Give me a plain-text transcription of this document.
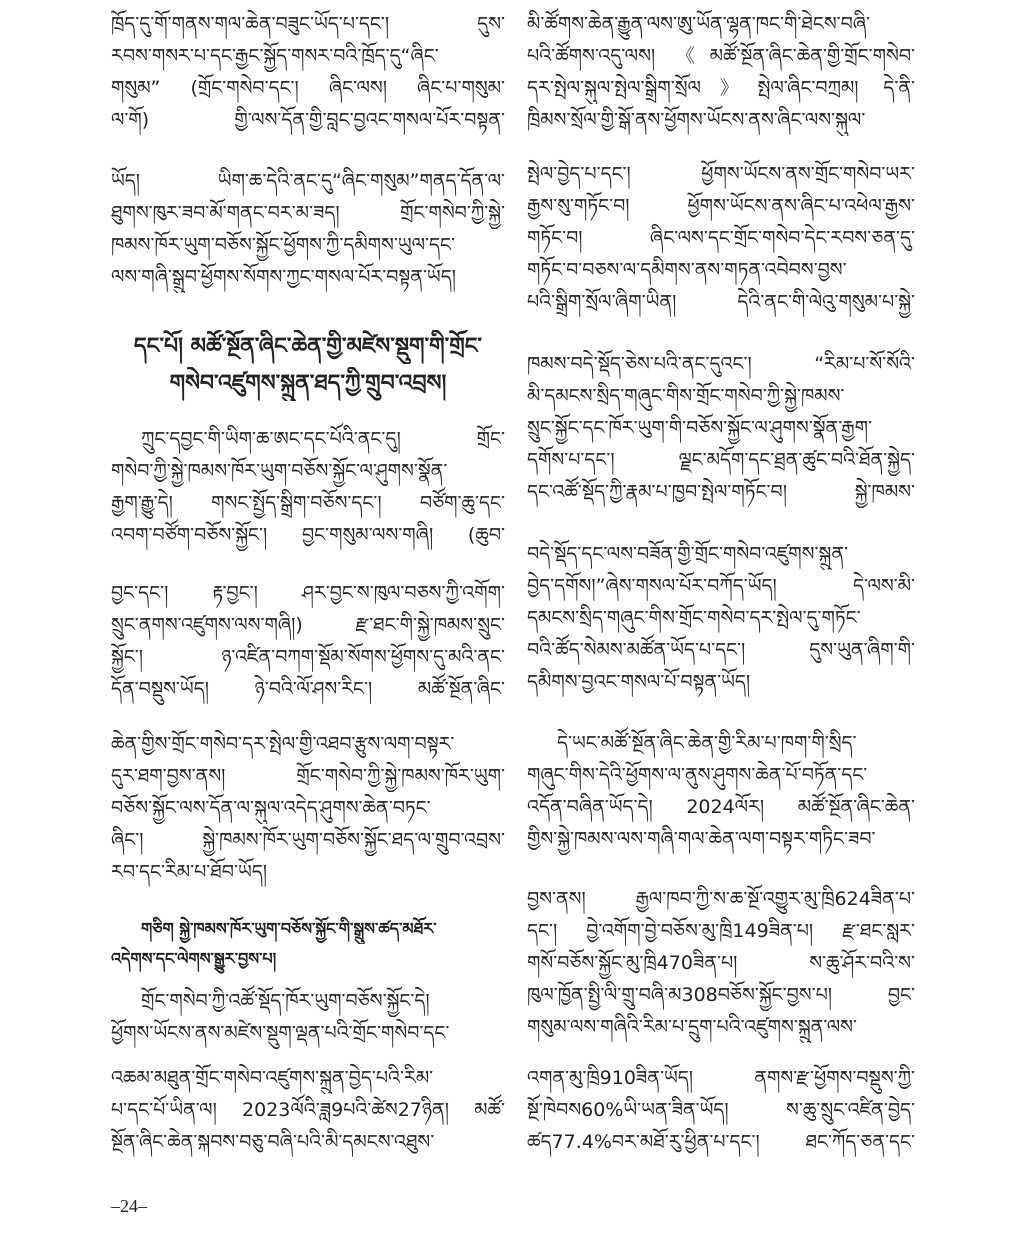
ཁྲོད་དུ་གོ་གནས་གལ་ཆེན་བཟུང་ཡོད་པ་དང་། དུས་
རབས་གསར་པ་དང་རྒྱང་སྐྱོད་གསར་བའི་ཁྲོད་དུ“ཞིང་
གསུམ” (གྲོང་གསེབ་དང་། ཞིང་ལས། ཞིང་པ་གསུམ་
ལ་གོ) གྱི་ལས་དོན་གྱི་བླང་བྱའང་གསལ་པོར་བསྟན་
ཡོད། ཡིག་ཆ་དེའི་ནང་དུ“ཞིང་གསུམ”གནད་དོན་ལ་
ཐུགས་ཁུར་ཟབ་མོ་གནང་བར་མ་ཟད། གྲོང་གསེབ་ཀྱི་སྐྱེ་
ཁམས་ཁོར་ཡུག་བཅོས་སྐྱོང་ཕྱོགས་ཀྱི་དམིགས་ཡུལ་དང་
ལས་གཞི་སྒྲུབ་ཕྱོགས་སོགས་ཀྱང་གསལ་པོར་བསྟན་ཡོད།
དང་པོ། མཚོ་སྔོན་ཞིང་ཆེན་གྱི་མཛེས་སྡུག་གི་གྲོང་
གསེབ་འཛུགས་སྐྲུན་ཐད་ཀྱི་གྲུབ་འབྲས།
ཀྲུང་དབྱང་གི་ཡིག་ཆ་ཨང་དང་པོའི་ནང་དུ། གྲོང་
གསེབ་ཀྱི་སྐྱེ་ཁམས་ཁོར་ཡུག་བཅོས་སྐྱོང་ལ་ཤུགས་སྣོན་
རྒྱག་རྒྱུ་དེ། གསང་སྤྱོད་སྒྲིག་བཅོས་དང་། བཙོག་ཆུ་དང་
འབག་བཙོག་བཅོས་སྐྱོང་། བྱང་གསུམ་ལས་གཞི། (ཆུབ་
བྱང་དང་། རྟ་བྱང་། ཤར་བྱང་ས་ཁུལ་བཅས་ཀྱི་འགོག་
སྲུང་ནགས་འཛུགས་ལས་གཞི།) རྫ་ཐང་གི་སྐྱེ་ཁམས་སྲུང་
སྐྱོང་། ཉ་འཛིན་བཀག་སྡོམ་སོགས་ཕྱོགས་དུ་མའི་ནང་
དོན་བསྡུས་ཡོད། ཉེ་བའི་ལོ་ཤས་རིང་། མཚོ་སྔོན་ཞིང་
ཆེན་གྱིས་གྲོང་གསེབ་དར་སྤེལ་གྱི་འཐབ་རྩུས་ལག་བསྟར་
དུར་ཐག་བྱས་ནས། གྲོང་གསེབ་ཀྱི་སྐྱེ་ཁམས་ཁོར་ཡུག་
བཅོས་སྐྱོང་ལས་དོན་ལ་སྐུལ་འདེད་ཤུགས་ཆེན་བཏང་
ཞིང་། སྐྱེ་ཁམས་ཁོར་ཡུག་བཅོས་སྐྱོང་ཐད་ལ་གྲུབ་འབྲས་
རབ་དང་རིམ་པ་ཐོབ་ཡོད།
གཅིག སྐྱེ་ཁམས་ཁོར་ཡུག་བཅོས་སྐྱོང་གི་སྒྲུས་ཚད་མཐོར་
འདེགས་དང་ལེགས་སྒྱུར་བྱས་པ།
གྲོང་གསེབ་ཀྱི་འཚོ་སྡོད་ཁོར་ཡུག་བཅོས་སྐྱོང་དེ།
ཕྱོགས་ཡོངས་ནས་མཛེས་སྡུག་ལྡན་པའི་གྲོང་གསེབ་དང་
འཆམ་མཐུན་གྲོང་གསེབ་འཛུགས་སྐྲུན་བྱེད་པའི་རིམ་
པ་དང་པོ་ཡིན་ལ། 2023ལོའི་ཟླ9པའི་ཚེས27ཉིན། མཚོ་
སྔོན་ཞིང་ཆེན་སྐབས་བཅུ་བཞི་པའི་མི་དམངས་འཐུས་
མི་ཚོགས་ཆེན་རྒྱུན་ལས་ཨུ་ཡོན་ལྷན་ཁང་གི་ཐེངས་བཞི་
པའི་ཚོགས་འདུ་ལས། 《མཚོ་སྔོན་ཞིང་ཆེན་གྱི་གྲོང་གསེབ་
དར་སྤེལ་སྐུལ་སྤེལ་སྒྲིག་སྲོལ》སྤེལ་ཞིང་བཀྲམ། དེ་ནི་
ཁྲིམས་སྲོལ་གྱི་སྒོ་ནས་ཕྱོགས་ཡོངས་ནས་ཞིང་ལས་སྐུལ་
སྤེལ་བྱེད་པ་དང་། ཕྱོགས་ཡོངས་ནས་གྲོང་གསེབ་ཡར་
རྒྱས་སུ་གཏོང་བ། ཕྱོགས་ཡོངས་ནས་ཞིང་པ་འཕེལ་རྒྱས་
གཏོང་བ། ཞིང་ལས་དང་གྲོང་གསེབ་དེང་རབས་ཅན་དུ་
གཏོང་བ་བཅས་ལ་དམིགས་ནས་གཏན་འབེབས་བྱས་
པའི་སྒྲིག་སྲོལ་ཞིག་ཡིན། དེའི་ནང་གི་ལེའུ་གསུམ་པ་སྐྱེ་
ཁམས་བདེ་སྡོད་ཅེས་པའི་ནང་དུའང་། “རིམ་པ་སོ་སོའི་
མི་དམངས་སྲིད་གཞུང་གིས་གྲོང་གསེབ་ཀྱི་སྐྱེ་ཁམས་
སྲུང་སྐྱོང་དང་ཁོར་ཡུག་གི་བཅོས་སྐྱོང་ལ་ཤུགས་སྣོན་རྒྱག་
དགོས་པ་དང་། ལྗང་མདོག་དང་ཐྲན་ཚུང་བའི་ཐོན་སྐྱེད་
དང་འཚོ་སྡོད་ཀྱི་རྣམ་པ་ཁྱབ་སྤེལ་གཏོང་བ། སྐྱེ་ཁམས་
བདེ་སྡོད་དང་ལས་བཟོན་གྱི་གྲོང་གསེབ་འཛུགས་སྐྲུན་
བྱེད་དགོས།”ཞེས་གསལ་པོར་བཀོད་ཡོད། དེ་ལས་མི་
དམངས་སྲིད་གཞུང་གིས་གྲོང་གསེབ་དར་སྤེལ་དུ་གཏོང་
བའི་ཚོད་སེམས་མཚོན་ཡོད་པ་དང་། དུས་ཡུན་ཞིག་གི་
དམིགས་བྱའང་གསལ་པོ་བསྟན་ཡོད།
དེ་ཡང་མཚོ་སྔོན་ཞིང་ཆེན་གྱི་རིམ་པ་ཁག་གི་སྲིད་
གཞུང་གིས་དེའི་ཕྱོགས་ལ་ནུས་ཤུགས་ཆེན་པོ་བཏོན་དང་
འདོན་བཞིན་ཡོད་དེ། 2024ལོར། མཚོ་སྔོན་ཞིང་ཆེན་
གྱིས་སྐྱེ་ཁམས་ལས་གཞི་གལ་ཆེན་ལག་བསྟར་གཏིང་ཟབ་
བྱས་ནས། རྒྱལ་ཁབ་ཀྱི་ས་ཆ་སྔོ་འགྱུར་མུ་ཁྲི624ཟིན་པ་
དང་། བྱེ་འགོག་བྱེ་བཅོས་མུ་ཁྲི149ཟིན་པ། རྫ་ཐང་སླར་
གསོ་བཅོས་སྐྱོང་མུ་ཁྲི470ཟིན་པ། ས་ཆུ་ཤོར་བའི་ས་
ཁུལ་ཁྱོན་སྤྱི་ལི་གྲུ་བཞི་མ308བཅོས་སྐྱོང་བྱས་པ། བྱང་
གསུམ་ལས་གཞིའི་རིམ་པ་དྲུག་པའི་འཛུགས་སྐྲུན་ལས་
འགན་མུ་ཁྲི910ཟིན་ཡོད། ནགས་རྫ་ཕྱོགས་བསྡུས་ཀྱི་
སྔོ་ཁེབས60%ཡི་ཡན་ཟིན་ཡོད། ས་ཆུ་སྲུང་འཛིན་བྱེད་
ཚད77.4%བར་མཐོ་རུ་ཕྱིན་པ་དང་། ཐང་ཀོད་ཅན་དང་
–24–
